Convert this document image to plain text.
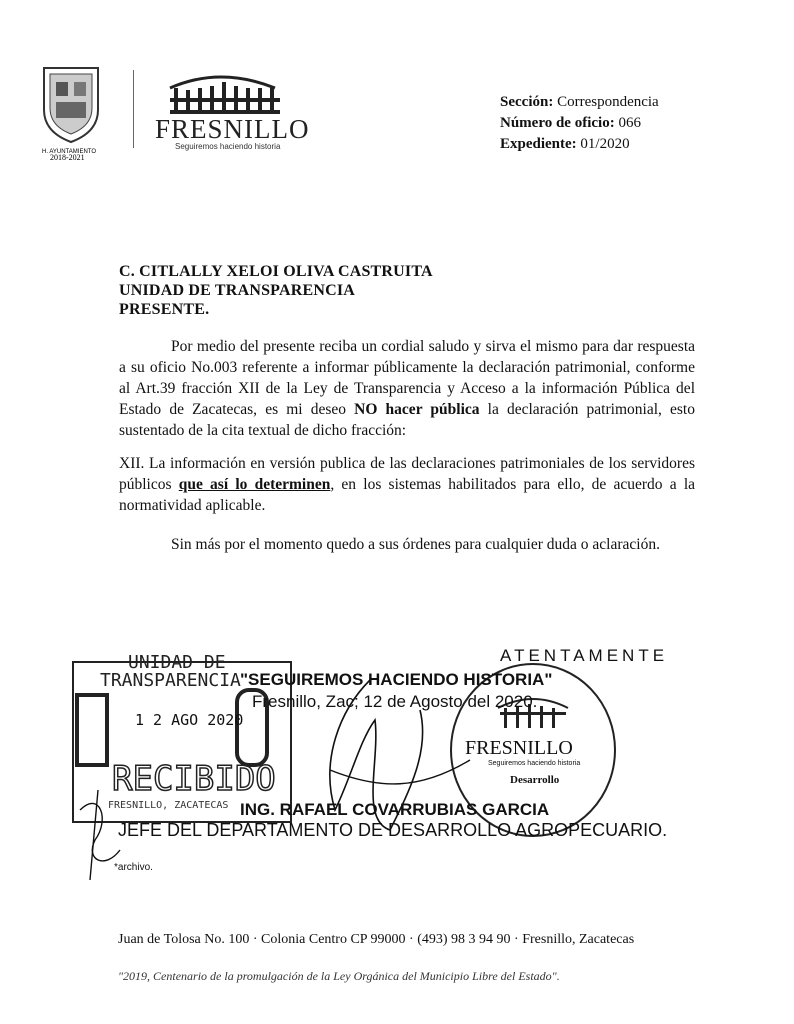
H. AYUNTAMIENTO
2018-2021
FRESNILLO
Seguiremos haciendo historia
Sección: Correspondencia
Número de oficio: 066
Expediente: 01/2020
C. CITLALLY XELOI OLIVA CASTRUITA
UNIDAD DE TRANSPARENCIA
PRESENTE.
Por medio del presente reciba un cordial saludo y sirva el mismo para dar respuesta a su oficio No.003 referente a informar públicamente la declaración patrimonial, conforme al Art.39 fracción XII de la Ley de Transparencia y Acceso a la información Pública del Estado de Zacatecas, es mi deseo NO hacer pública la declaración patrimonial, esto sustentado de la cita textual de dicho fracción:
XII. La información en versión publica de las declaraciones patrimoniales de los servidores públicos que así lo determinen, en los sistemas habilitados para ello, de acuerdo a la normatividad aplicable.
Sin más por el momento quedo a sus órdenes para cualquier duda o aclaración.
RECIBIDO
UNIDAD DE
TRANSPARENCIA
1 2 AGO 2020
FRESNILLO, ZACATECAS
FRESNILLO
Seguiremos haciendo historia
Desarrollo
ATENTAMENTE
"SEGUIREMOS HACIENDO HISTORIA"
Fresnillo, Zac; 12 de Agosto del 2020.
ING. RAFAEL COVARRUBIAS GARCIA
JEFE DEL DEPARTAMENTO DE DESARROLLO AGROPECUARIO.
*archivo.
Juan de Tolosa No. 100 · Colonia Centro CP 99000 · (493) 98 3 94 90 · Fresnillo, Zacatecas
"2019, Centenario de la promulgación de la Ley Orgánica del Municipio Libre del Estado".
